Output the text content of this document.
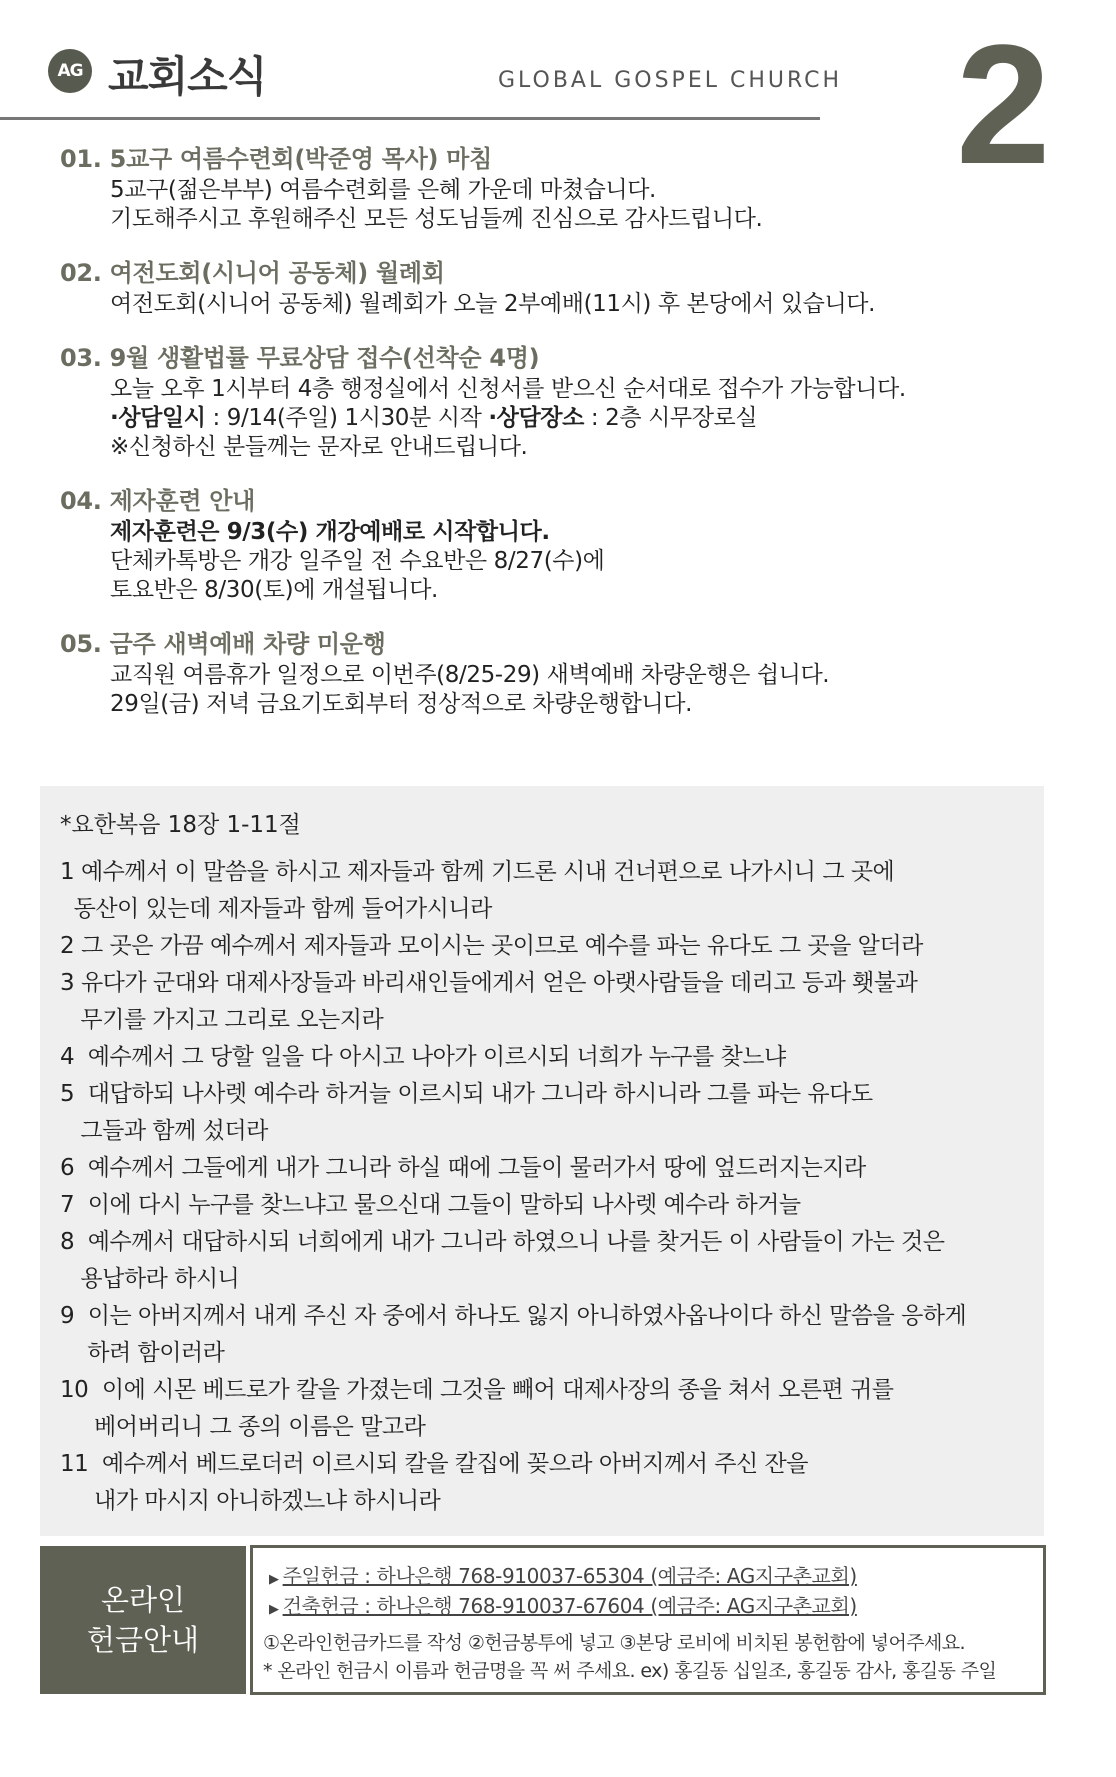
AG 교회소식	GLOBAL GOSPEL CHURCH 2
01. 5교구 여름수련회(박준영 목사) 마침
5교구(젊은부부) 여름수련회를 은혜 가운데 마쳤습니다.
기도해주시고 후원해주신 모든 성도님들께 진심으로 감사드립니다.
02. 여전도회(시니어 공동체) 월례회
여전도회(시니어 공동체) 월례회가 오늘 2부예배(11시) 후 본당에서 있습니다.
03. 9월 생활법률 무료상담 접수(선착순 4명)
오늘 오후 1시부터 4층 행정실에서 신청서를 받으신 순서대로 접수가 가능합니다.
·상담일시 : 9/14(주일) 1시30분 시작 ·상담장소 : 2층 시무장로실
※신청하신 분들께는 문자로 안내드립니다.
04. 제자훈련 안내
제자훈련은 9/3(수) 개강예배로 시작합니다.
단체카톡방은 개강 일주일 전 수요반은 8/27(수)에
토요반은 8/30(토)에 개설됩니다.
05. 금주 새벽예배 차량 미운행
교직원 여름휴가 일정으로 이번주(8/25-29) 새벽예배 차량운행은 쉽니다.
29일(금) 저녁 금요기도회부터 정상적으로 차량운행합니다.
*요한복음 18장 1-11절
1 예수께서 이 말씀을 하시고 제자들과 함께 기드론 시내 건너편으로 나가시니 그 곳에
동산이 있는데 제자들과 함께 들어가시니라
2 그 곳은 가끔 예수께서 제자들과 모이시는 곳이므로 예수를 파는 유다도 그 곳을 알더라
3 유다가 군대와 대제사장들과 바리새인들에게서 얻은 아랫사람들을 데리고 등과 횃불과
무기를 가지고 그리로 오는지라
4  예수께서 그 당할 일을 다 아시고 나아가 이르시되 너희가 누구를 찾느냐
5  대답하되 나사렛 예수라 하거늘 이르시되 내가 그니라 하시니라 그를 파는 유다도
그들과 함께 섰더라
6  예수께서 그들에게 내가 그니라 하실 때에 그들이 물러가서 땅에 엎드러지는지라
7  이에 다시 누구를 찾느냐고 물으신대 그들이 말하되 나사렛 예수라 하거늘
8  예수께서 대답하시되 너희에게 내가 그니라 하였으니 나를 찾거든 이 사람들이 가는 것은
용납하라 하시니
9  이는 아버지께서 내게 주신 자 중에서 하나도 잃지 아니하였사옵나이다 하신 말씀을 응하게
하려 함이러라
10  이에 시몬 베드로가 칼을 가졌는데 그것을 빼어 대제사장의 종을 쳐서 오른편 귀를
베어버리니 그 종의 이름은 말고라
11  예수께서 베드로더러 이르시되 칼을 칼집에 꽂으라 아버지께서 주신 잔을
내가 마시지 아니하겠느냐 하시니라
온라인
헌금안내
▶ 주일헌금 : 하나은행 768-910037-65304 (예금주: AG지구촌교회)
▶ 건축헌금 : 하나은행 768-910037-67604 (예금주: AG지구촌교회)
①온라인헌금카드를 작성 ②헌금봉투에 넣고 ③본당 로비에 비치된 봉헌함에 넣어주세요.
* 온라인 헌금시 이름과 헌금명을 꼭 써 주세요. ex) 홍길동 십일조, 홍길동 감사, 홍길동 주일
